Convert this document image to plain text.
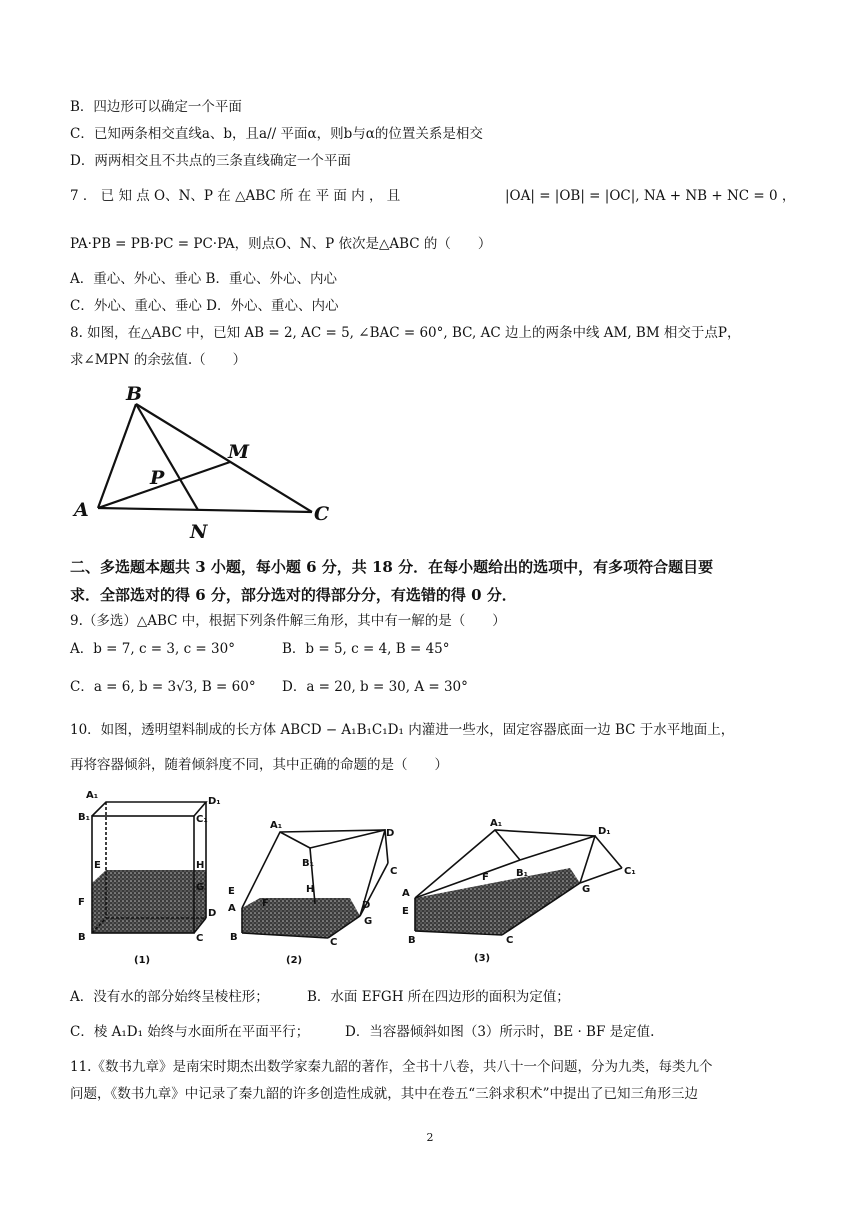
B．四边形可以确定一个平面
C．已知两条相交直线a、b，且a// 平面α，则b与α的位置关系是相交
D．两两相交且不共点的三条直线确定一个平面
7 ． 已 知 点 O、N、P 在 △ABC 所 在 平 面 内 ， 且	|OA| = |OB| = |OC|, NA + NB + NC = 0 ，
PA·PB = PB·PC = PC·PA，则点O、N、P 依次是△ABC 的（　　）
A．重心、外心、垂心 B．重心、外心、内心
C．外心、重心、垂心 D．外心、重心、内心
8. 如图，在△ABC 中，已知 AB = 2, AC = 5, ∠BAC = 60°, BC, AC 边上的两条中线 AM, BM 相交于点P，
求∠MPN 的余弦值.（　　）
A
B
C
M
N
P
二、多选题本题共 3 小题，每小题 6 分，共 18 分．在每小题给出的选项中，有多项符合题目要
求．全部选对的得 6 分，部分选对的得部分分，有选错的得 0 分．
9.（多选）△ABC 中，根据下列条件解三角形，其中有一解的是（　　）
A．b = 7, c = 3, c = 30°	B．b = 5, c = 4, B = 45°
C．a = 6, b = 3√3, B = 60° D．a = 20, b = 30, A = 30°
10．如图，透明望料制成的长方体 ABCD − A₁B₁C₁D₁ 内灌进一些水，固定容器底面一边 BC 于水平地面上，
再将容器倾斜，随着倾斜度不同，其中正确的命题的是（　　）
A₁
D₁
B₁	C₁
E	H
F
G
D
B	C
(1)
A₁
D
B₁
C
H
E
A	F	D
G
B	C
(2)
A₁
D₁
B₁	C₁
F
G
A
E
B	C
(3)
A．没有水的部分始终呈棱柱形；	B．水面 EFGH 所在四边形的面积为定值；
C．棱 A₁D₁ 始终与水面所在平面平行；	D．当容器倾斜如图（3）所示时，BE · BF 是定值.
11.《数书九章》是南宋时期杰出数学家秦九韶的著作，全书十八卷，共八十一个问题，分为九类，每类九个
问题，《数书九章》中记录了秦九韶的许多创造性成就，其中在卷五“三斜求积术”中提出了已知三角形三边
2
